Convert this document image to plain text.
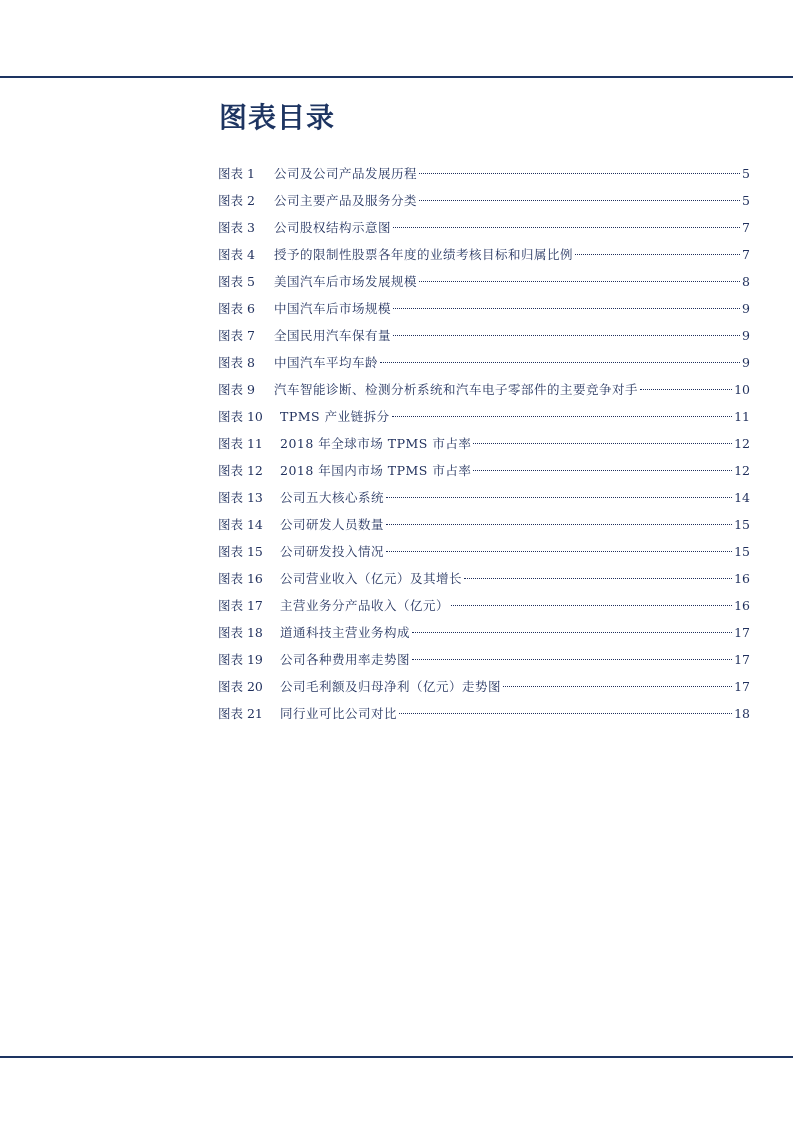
图表目录
图表 1	公司及公司产品发展历程	5
图表 2	公司主要产品及服务分类	5
图表 3	公司股权结构示意图	7
图表 4	授予的限制性股票各年度的业绩考核目标和归属比例	7
图表 5	美国汽车后市场发展规模	8
图表 6	中国汽车后市场规模	9
图表 7	全国民用汽车保有量	9
图表 8	中国汽车平均车龄	9
图表 9	汽车智能诊断、检测分析系统和汽车电子零部件的主要竞争对手	10
图表 10	TPMS 产业链拆分	11
图表 11	2018 年全球市场 TPMS 市占率	12
图表 12	2018 年国内市场 TPMS 市占率	12
图表 13	公司五大核心系统	14
图表 14	公司研发人员数量	15
图表 15	公司研发投入情况	15
图表 16	公司营业收入（亿元）及其增长	16
图表 17	主营业务分产品收入（亿元）	16
图表 18	道通科技主营业务构成	17
图表 19	公司各种费用率走势图	17
图表 20	公司毛利额及归母净利（亿元）走势图	17
图表 21	同行业可比公司对比	18
